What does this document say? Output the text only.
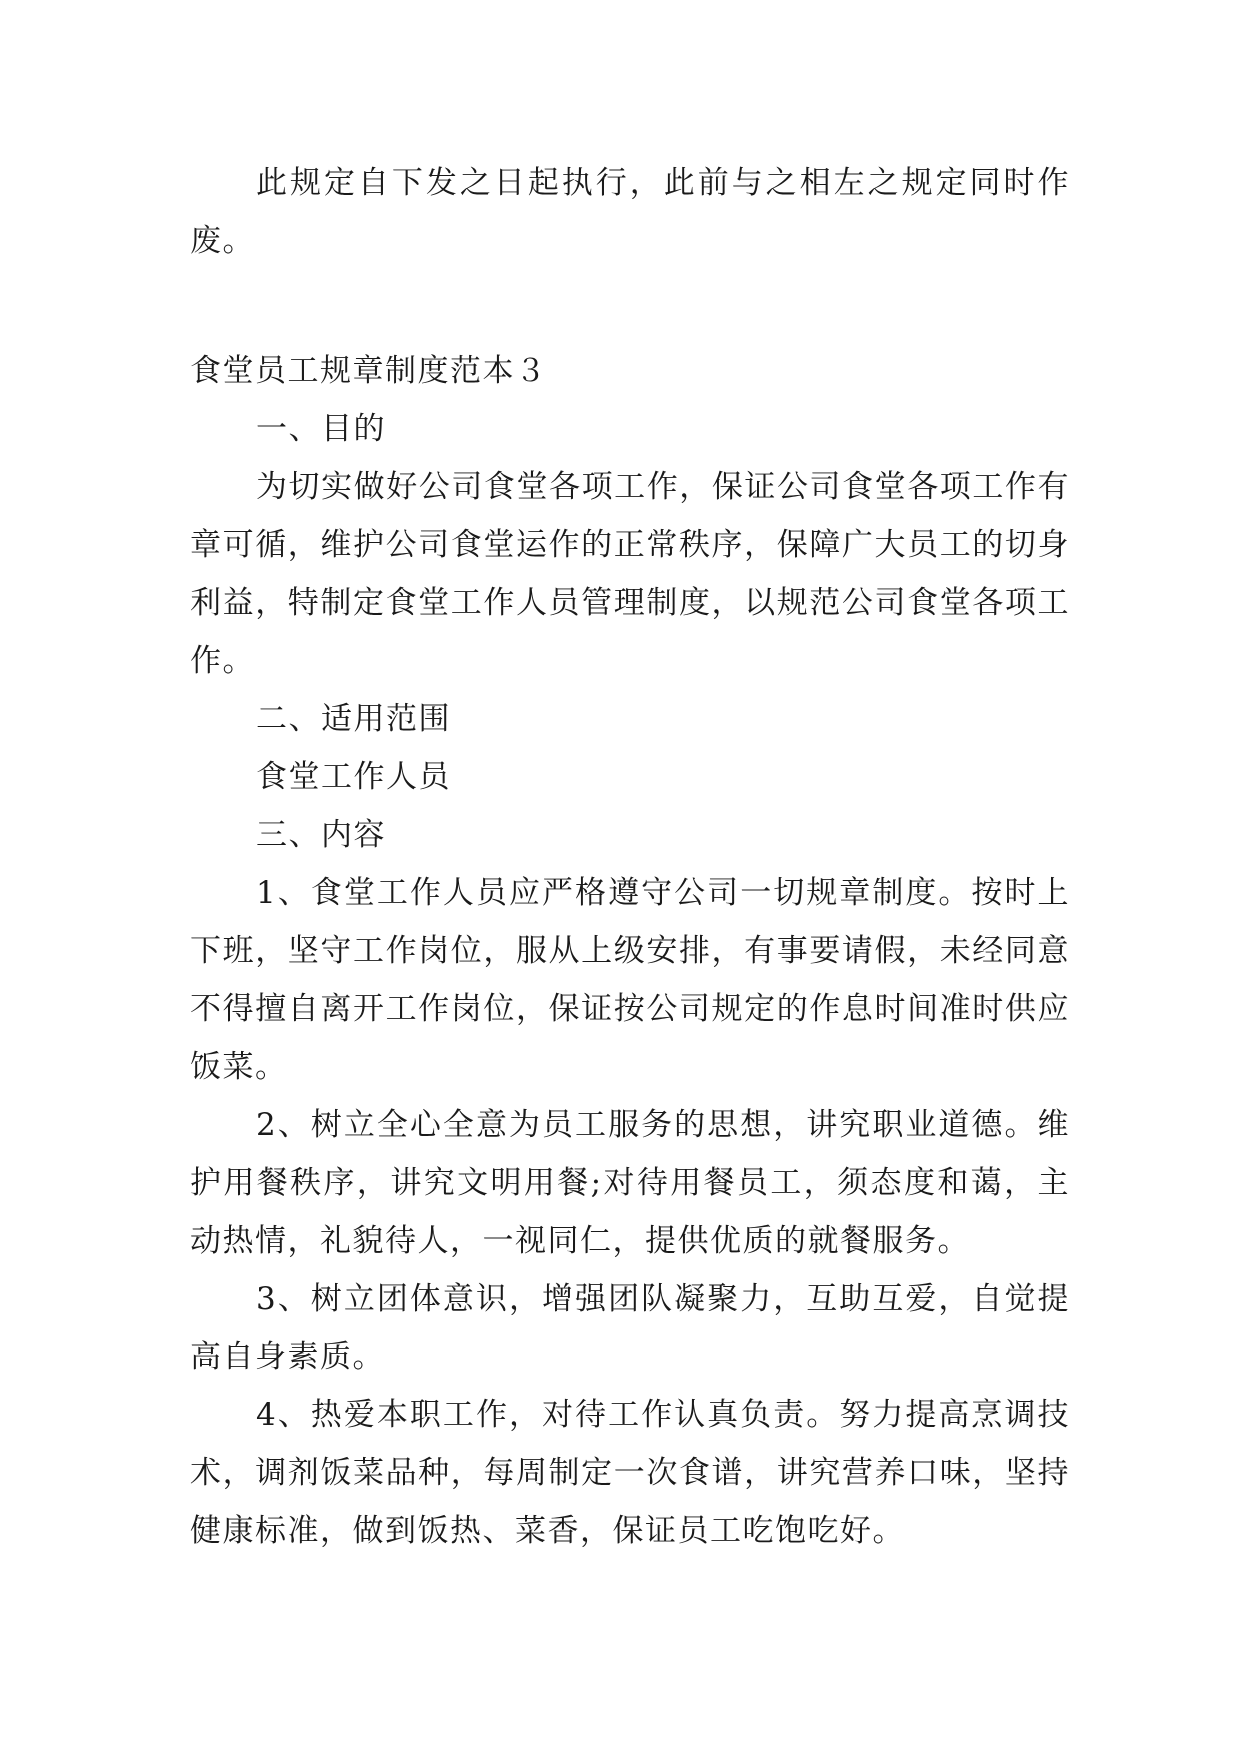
此规定自下发之日起执行，此前与之相左之规定同时作废。

食堂员工规章制度范本３

一、目的

为切实做好公司食堂各项工作，保证公司食堂各项工作有章可循，维护公司食堂运作的正常秩序，保障广大员工的切身利益，特制定食堂工作人员管理制度，以规范公司食堂各项工作。

二、适用范围

食堂工作人员

三、内容

1、食堂工作人员应严格遵守公司一切规章制度。按时上下班，坚守工作岗位，服从上级安排，有事要请假，未经同意不得擅自离开工作岗位，保证按公司规定的作息时间准时供应饭菜。

2、树立全心全意为员工服务的思想，讲究职业道德。维护用餐秩序，讲究文明用餐;对待用餐员工，须态度和蔼，主动热情，礼貌待人，一视同仁，提供优质的就餐服务。

3、树立团体意识，增强团队凝聚力，互助互爱，自觉提高自身素质。

4、热爱本职工作，对待工作认真负责。努力提高烹调技术，调剂饭菜品种，每周制定一次食谱，讲究营养口味，坚持健康标准，做到饭热、菜香，保证员工吃饱吃好。
